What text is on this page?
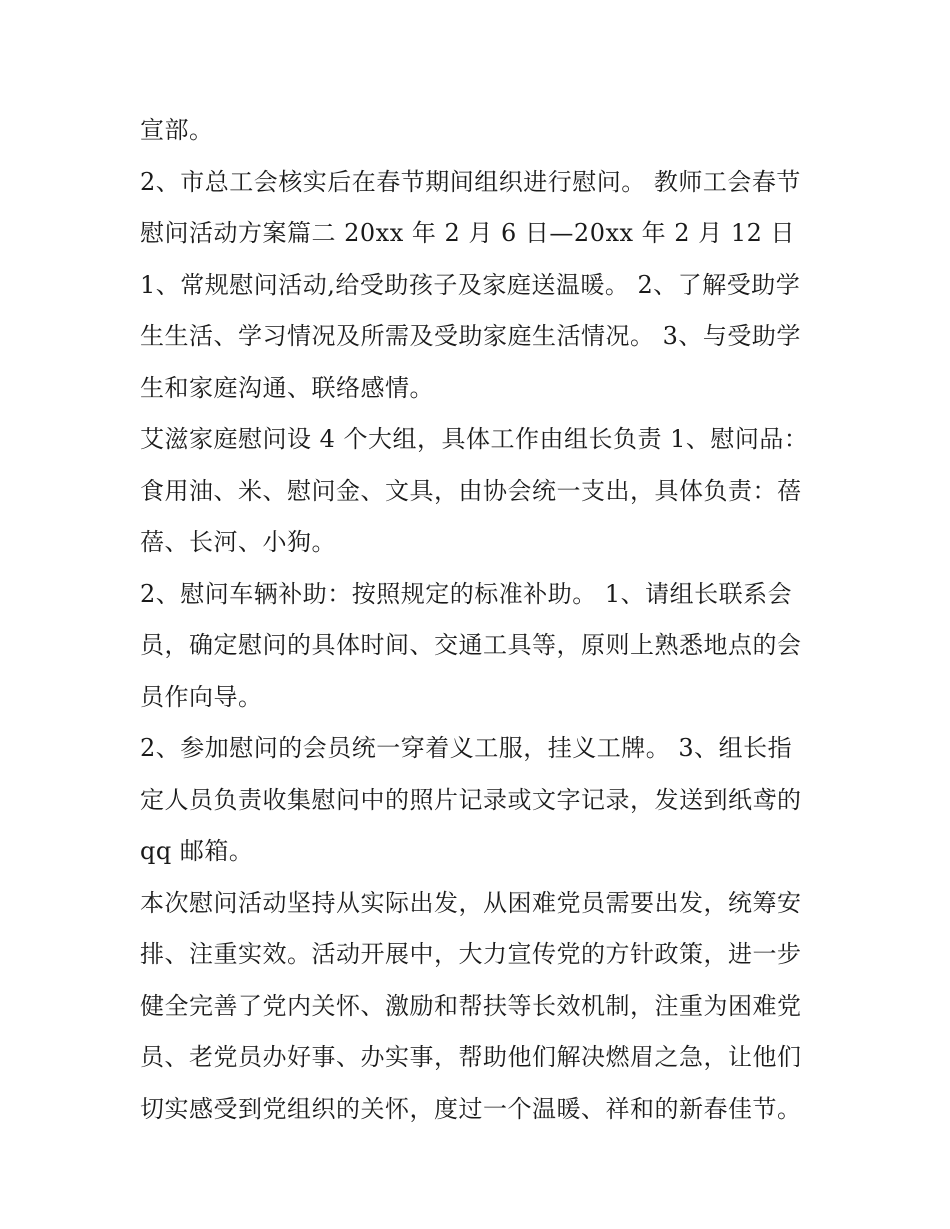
宣部。
2、市总工会核实后在春节期间组织进行慰问。 教师工会春节
慰问活动方案篇二 20xx 年 2 月 6 日—20xx 年 2 月 12 日
1、常规慰问活动,给受助孩子及家庭送温暖。 2、了解受助学
生生活、学习情况及所需及受助家庭生活情况。 3、与受助学
生和家庭沟通、联络感情。
艾滋家庭慰问设 4 个大组，具体工作由组长负责 1、慰问品：
食用油、米、慰问金、文具，由协会统一支出，具体负责：蓓
蓓、长河、小狗。
2、慰问车辆补助：按照规定的标准补助。 1、请组长联系会
员，确定慰问的具体时间、交通工具等，原则上熟悉地点的会
员作向导。
2、参加慰问的会员统一穿着义工服，挂义工牌。 3、组长指
定人员负责收集慰问中的照片记录或文字记录，发送到纸鸢的
qq 邮箱。
本次慰问活动坚持从实际出发，从困难党员需要出发，统筹安
排、注重实效。活动开展中，大力宣传党的方针政策，进一步
健全完善了党内关怀、激励和帮扶等长效机制，注重为困难党
员、老党员办好事、办实事，帮助他们解决燃眉之急，让他们
切实感受到党组织的关怀，度过一个温暖、祥和的新春佳节。
